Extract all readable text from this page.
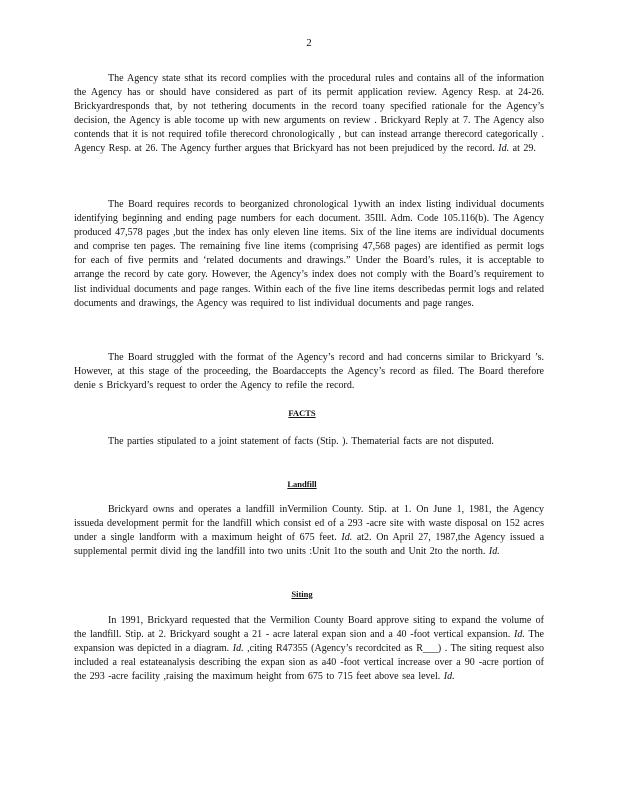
2

The Agency state sthat its record complies with the procedural rules and contains all of the information the Agency has or should have considered as part of its permit application review. Agency Resp. at 24-26. Brickyardresponds that, by not tethering documents in the record toany specified rationale for the Agency’s decision, the Agency is able tocome up with new arguments on review . Brickyard Reply at 7. The Agency also contends that it is not required tofile therecord chronologically , but can instead arrange therecord categorically . Agency Resp. at 26. The Agency further argues that Brickyard has not been prejudiced by the record. Id. at 29.

The Board requires records to beorganized chronological 1ywith an index listing individual documents identifying beginning and ending page numbers for each document. 35Ill. Adm. Code 105.116(b). The Agency produced 47,578 pages ,but the index has only eleven line items. Six of the line items are individual documents and comprise ten pages. The remaining five line items (comprising 47,568 pages) are identified as permit logs for each of five permits and ‘related documents and drawings.” Under the Board’s rules, it is acceptable to arrange the record by cate gory. However, the Agency’s index does not comply with the Board’s requirement to list individual documents and page ranges. Within each of the five line items describedas permit logs and related documents and drawings, the Agency was required to list individual documents and page ranges.

The Board struggled with the format of the Agency’s record and had concerns similar to Brickyard ’s. However, at this stage of the proceeding, the Boardaccepts the Agency’s record as filed. The Board therefore denie s Brickyard’s request to order the Agency to refile the record.

FACTS

The parties stipulated to a joint statement of facts (Stip. ). Thematerial facts are not disputed.

Landfill

Brickyard owns and operates a landfill inVermilion County. Stip. at 1. On June 1, 1981, the Agency issueda development permit for the landfill which consist ed of a 293 -acre site with waste disposal on 152 acres under a single landform with a maximum height of 675 feet. Id. at2. On April 27, 1987,the Agency issued a supplemental permit divid ing the landfill into two units :Unit 1to the south and Unit 2to the north. Id.

Siting

In 1991, Brickyard requested that the Vermilion County Board approve siting to expand the volume of the landfill. Stip. at 2. Brickyard sought a 21 - acre lateral expan sion and a 40 -foot vertical expansion. Id. The expansion was depicted in a diagram. Id. ,citing R47355 (Agency’s recordcited as R___) . The siting request also included a real estateanalysis describing the expan sion as a40 -foot vertical increase over a 90 -acre portion of the 293 -acre facility ,raising the maximum height from 675 to 715 feet above sea level. Id.
